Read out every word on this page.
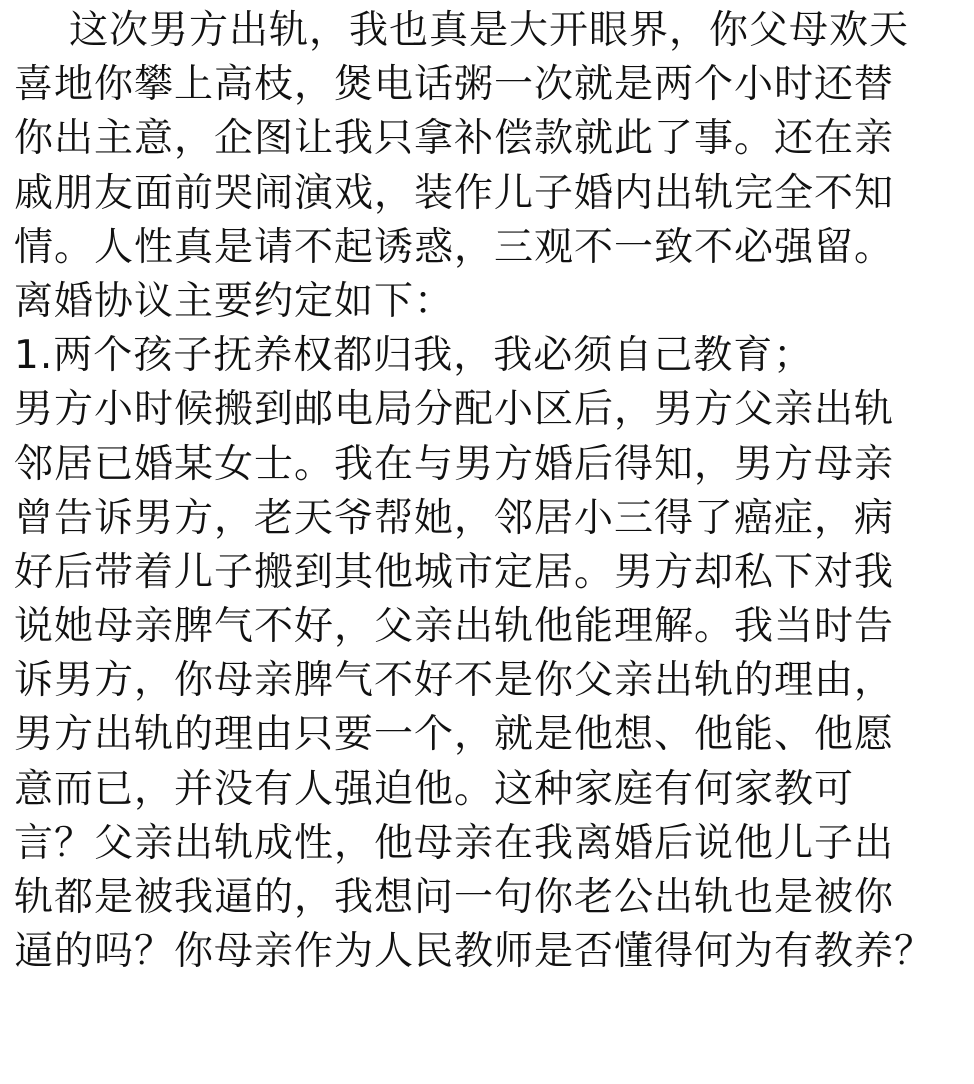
这次男方出轨，我也真是大开眼界，你父母欢天
喜地你攀上高枝，煲电话粥一次就是两个小时还替
你出主意，企图让我只拿补偿款就此了事。还在亲
戚朋友面前哭闹演戏，装作儿子婚内出轨完全不知
情。人性真是请不起诱惑，三观不一致不必强留。
离婚协议主要约定如下：
1.两个孩子抚养权都归我，我必须自己教育；
男方小时候搬到邮电局分配小区后，男方父亲出轨
邻居已婚某女士。我在与男方婚后得知，男方母亲
曾告诉男方，老天爷帮她，邻居小三得了癌症，病
好后带着儿子搬到其他城市定居。男方却私下对我
说她母亲脾气不好，父亲出轨他能理解。我当时告
诉男方，你母亲脾气不好不是你父亲出轨的理由，
男方出轨的理由只要一个，就是他想、他能、他愿
意而已，并没有人强迫他。这种家庭有何家教可
言？父亲出轨成性，他母亲在我离婚后说他儿子出
轨都是被我逼的，我想问一句你老公出轨也是被你
逼的吗？你母亲作为人民教师是否懂得何为有教养？
